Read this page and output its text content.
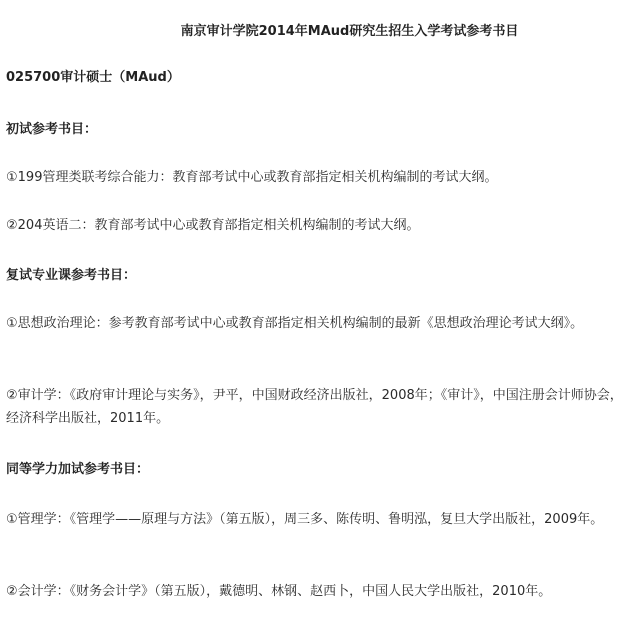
南京审计学院2014年MAud研究生招生入学考试参考书目
025700审计硕士（MAud）
初试参考书目：
①199管理类联考综合能力：教育部考试中心或教育部指定相关机构编制的考试大纲。
②204英语二：教育部考试中心或教育部指定相关机构编制的考试大纲。
复试专业课参考书目：
①思想政治理论：参考教育部考试中心或教育部指定相关机构编制的最新《思想政治理论考试大纲》。
②审计学：《政府审计理论与实务》，尹平，中国财政经济出版社，2008年；《审计》，中国注册会计师协会，经济科学出版社，2011年。
同等学力加试参考书目：
①管理学：《管理学——原理与方法》（第五版），周三多、陈传明、鲁明泓，复旦大学出版社，2009年。
②会计学：《财务会计学》（第五版），戴德明、林钢、赵西卜，中国人民大学出版社，2010年。
